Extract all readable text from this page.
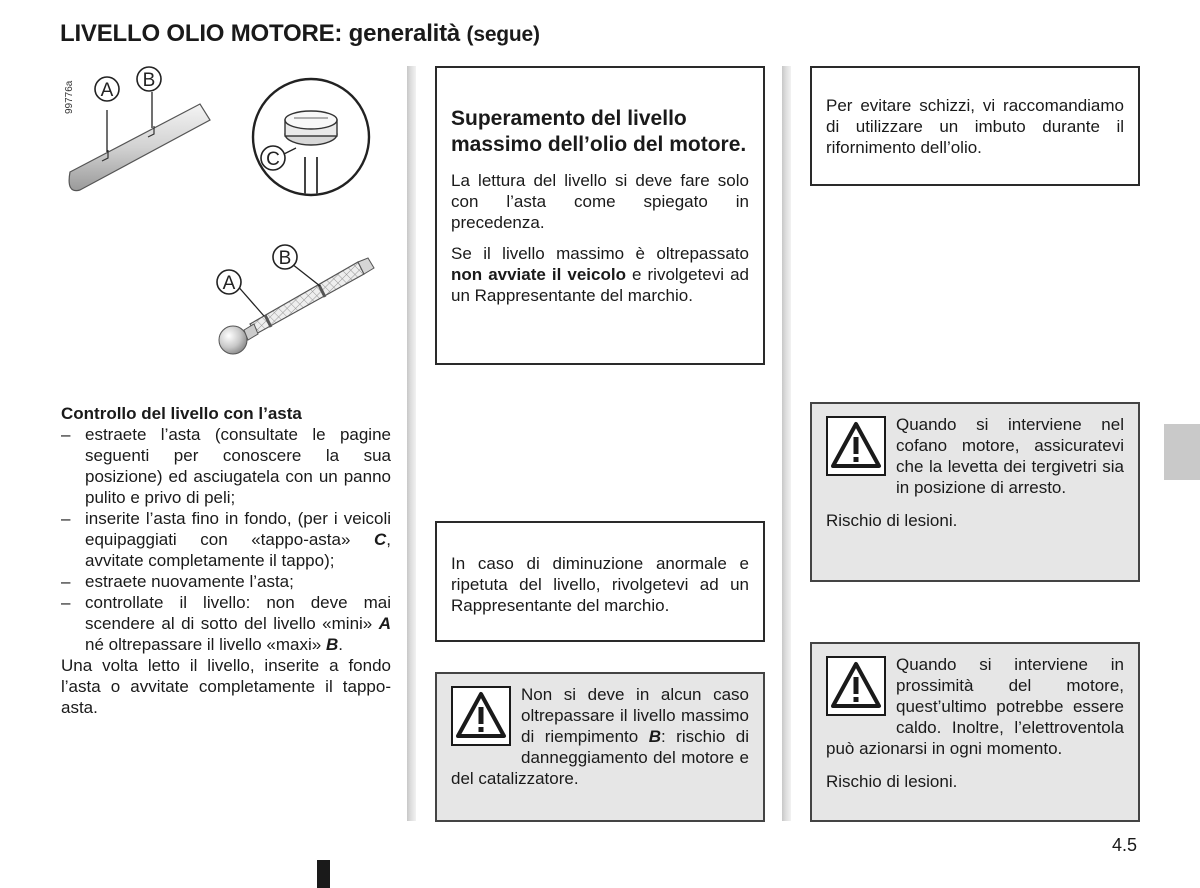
LIVELLO OLIO MOTORE: generalità (segue)
99776a A B
C
A
B
Controllo del livello con l’asta
– estraete l’asta (consultate le pagine seguenti per conoscere la sua posizione) ed asciugatela con un panno pulito e privo di peli;
– inserite l’asta fino in fondo, (per i veicoli equipaggiati con «tappo-asta» C, avvitate completamente il tappo);
– estraete nuovamente l’asta;
– controllate il livello: non deve mai scendere al di sotto del livello «mini» A né oltrepassare il livello «maxi» B.

Una volta letto il livello, inserite a fondo l’asta o avvitate completamente il tappo-asta.

Superamento del livello massimo dell’olio del motore.

La lettura del livello si deve fare solo con l’asta come spiegato in precedenza.

Se il livello massimo è oltrepassato non avviate il veicolo e rivolgetevi ad un Rappresentante del marchio.

In caso di diminuzione anormale e ripetuta del livello, rivolgetevi ad un Rappresentante del marchio.

Non si deve in alcun caso oltrepassare il livello massimo di riempimento B: rischio di danneggiamento del motore e del catalizzatore.

Per evitare schizzi, vi raccomandiamo di utilizzare un imbuto durante il rifornimento dell’olio.

Quando si interviene nel cofano motore, assicuratevi che la levetta dei tergivetri sia in posizione di arresto.

Rischio di lesioni.

Quando si interviene in prossimità del motore, quest’ultimo potrebbe essere caldo. Inoltre, l’elettroventola può azionarsi in ogni momento.

Rischio di lesioni.

4.5
